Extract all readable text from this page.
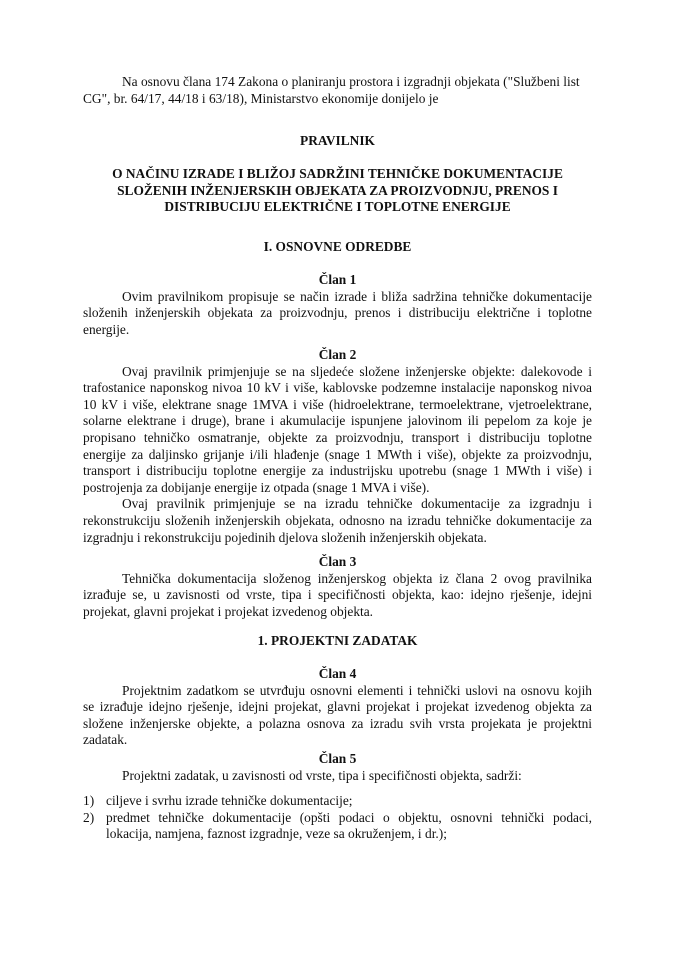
Na osnovu člana 174 Zakona o planiranju prostora i izgradnji objekata ("Službeni list
CG", br. 64/17, 44/18 i 63/18), Ministarstvo ekonomije donijelo je
PRAVILNIK
O NAČINU IZRADE I BLIŽOJ SADRŽINI TEHNIČKE DOKUMENTACIJE
SLOŽENIH INŽENJERSKIH OBJEKATA ZA PROIZVODNJU, PRENOS I
DISTRIBUCIJU ELEKTRIČNE I TOPLOTNE ENERGIJE
I. OSNOVNE ODREDBE
Član 1
Ovim pravilnikom propisuje se način izrade i bliža sadržina tehničke dokumentacije
složenih inženjerskih objekata za proizvodnju, prenos i distribuciju električne i toplotne
energije.
Član 2
Ovaj pravilnik primjenjuje se na sljedeće složene inženjerske objekte: dalekovode i
trafostanice naponskog nivoa 10 kV i više, kablovske podzemne instalacije naponskog nivoa
10 kV i više, elektrane snage 1MVA i više (hidroelektrane, termoelektrane, vjetroelektrane,
solarne elektrane i druge), brane i akumulacije ispunjene jalovinom ili pepelom za koje je
propisano tehničko osmatranje, objekte za proizvodnju, transport i distribuciju toplotne
energije za daljinsko grijanje i/ili hlađenje (snage 1 MWth i više), objekte za proizvodnju,
transport i distribuciju toplotne energije za industrijsku upotrebu (snage 1 MWth i više) i
postrojenja za dobijanje energije iz otpada (snage 1 MVA i više).
Ovaj pravilnik primjenjuje se na izradu tehničke dokumentacije za izgradnju i
rekonstrukciju složenih inženjerskih objekata, odnosno na izradu tehničke dokumentacije za
izgradnju i rekonstrukciju pojedinih djelova složenih inženjerskih objekata.
Član 3
Tehnička dokumentacija složenog inženjerskog objekta iz člana 2 ovog pravilnika
izrađuje se, u zavisnosti od vrste, tipa i specifičnosti objekta, kao: idejno rješenje, idejni
projekat, glavni projekat i projekat izvedenog objekta.
1. PROJEKTNI ZADATAK
Član 4
Projektnim zadatkom se utvrđuju osnovni elementi i tehnički uslovi na osnovu kojih
se izrađuje idejno rješenje, idejni projekat, glavni projekat i projekat izvedenog objekta za
složene inženjerske objekte, a polazna osnova za izradu svih vrsta projekata je projektni
zadatak.
Član 5
Projektni zadatak, u zavisnosti od vrste, tipa i specifičnosti objekta, sadrži:
1) ciljeve i svrhu izrade tehničke dokumentacije;
2) predmet tehničke dokumentacije (opšti podaci o objektu, osnovni tehnički podaci,
lokacija, namjena, faznost izgradnje, veze sa okruženjem, i dr.);
